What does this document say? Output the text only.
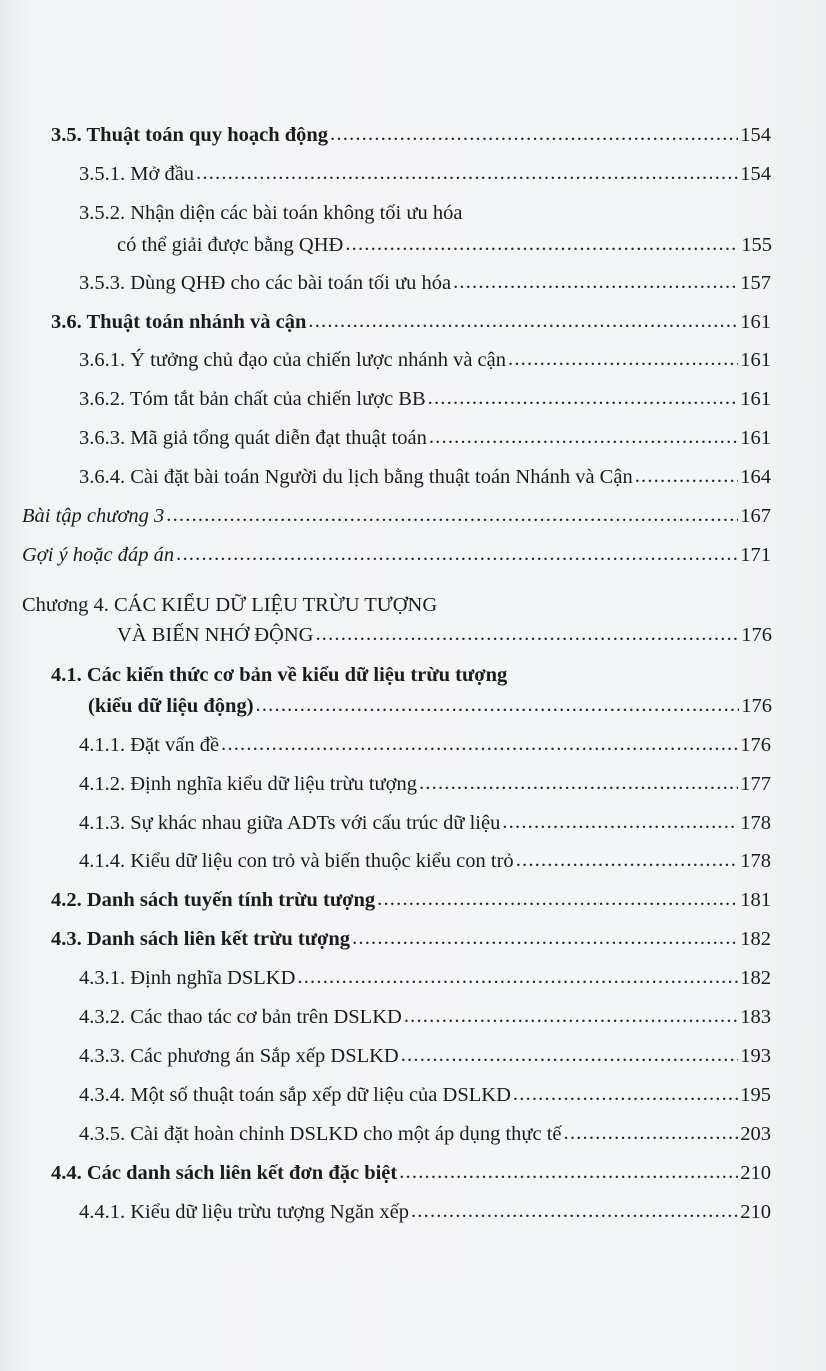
3.5. Thuật toán quy hoạch động .....	154
3.5.1. Mở đầu .....	154
3.5.2. Nhận diện các bài toán không tối ưu hóa
có thể giải được bằng QHĐ .....	155
3.5.3. Dùng QHĐ cho các bài toán tối ưu hóa .....	157
3.6. Thuật toán nhánh và cận .....	161
3.6.1. Ý tưởng chủ đạo của chiến lược nhánh và cận .....	161
3.6.2. Tóm tắt bản chất của chiến lược BB .....	161
3.6.3. Mã giả tổng quát diễn đạt thuật toán .....	161
3.6.4. Cài đặt bài toán Người du lịch bằng thuật toán Nhánh và Cận .....	164
Bài tập chương 3 .....	167
Gợi ý hoặc đáp án .....	171
Chương 4. CÁC KIỂU DỮ LIỆU TRỪU TƯỢNG
VÀ BIẾN NHỚ ĐỘNG .....	176
4.1. Các kiến thức cơ bản về kiểu dữ liệu trừu tượng
(kiểu dữ liệu động) .....	176
4.1.1. Đặt vấn đề .....	176
4.1.2. Định nghĩa kiểu dữ liệu trừu tượng .....	177
4.1.3. Sự khác nhau giữa ADTs với cấu trúc dữ liệu .....	178
4.1.4. Kiểu dữ liệu con trỏ và biến thuộc kiểu con trỏ .....	178
4.2. Danh sách tuyến tính trừu tượng .....	181
4.3. Danh sách liên kết trừu tượng .....	182
4.3.1. Định nghĩa DSLKD .....	182
4.3.2. Các thao tác cơ bản trên DSLKD .....	183
4.3.3. Các phương án Sắp xếp DSLKD .....	193
4.3.4. Một số thuật toán sắp xếp dữ liệu của DSLKD .....	195
4.3.5. Cài đặt hoàn chỉnh DSLKD cho một áp dụng thực tế .....	203
4.4. Các danh sách liên kết đơn đặc biệt .....	210
4.4.1. Kiểu dữ liệu trừu tượng Ngăn xếp .....	210
